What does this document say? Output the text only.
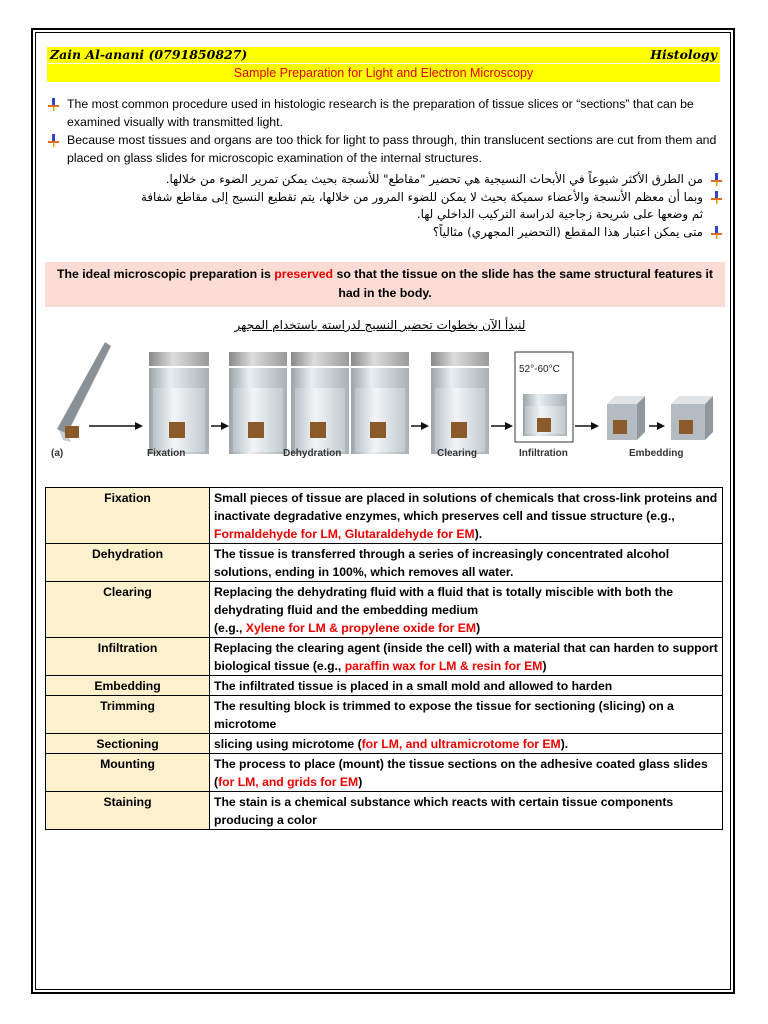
Zain Al-anani (0791850827)	Histology
Sample Preparation for Light and Electron Microscopy

The most common procedure used in histologic research is the preparation of tissue slices or “sections” that can be examined visually with transmitted light.

Because most tissues and organs are too thick for light to pass through, thin translucent sections are cut from them and placed on glass slides for microscopic examination of the internal structures.

من الطرق الأكثر شيوعاً في الأبحاث النسيجية هي تحضير "مقاطع" للأنسجة بحيث يمكن تمرير الضوء من خلالها.

وبما أن معظم الأنسجة والأعضاء سميكة بحيث لا يمكن للضوء المرور من خلالها، يتم تقطيع النسيج إلى مقاطع شفافة

ثم وضعها على شريحة زجاجية لدراسة التركيب الداخلي لها.

متى يمكن اعتبار هذا المقطع (التحضير المجهري) مثالياً؟

The ideal microscopic preparation is preserved so that the tissue on the slide has the same structural features it had in the body.
لنبدأ الآن بخطوات تحضير النسيج لدراسته باستخدام المجهر
52°-60°C
(a)	Fixation	Dehydration	Clearing	Infiltration	Embedding
Fixation	Small pieces of tissue are placed in solutions of chemicals that cross-link proteins and inactivate degradative enzymes, which preserves cell and tissue structure (e.g., Formaldehyde for LM, Glutaraldehyde for EM).
Dehydration	The tissue is transferred through a series of increasingly concentrated alcohol solutions, ending in 100%, which removes all water.
Clearing	Replacing the dehydrating fluid with a fluid that is totally miscible with both the dehydrating fluid and the embedding medium
(e.g., Xylene for LM & propylene oxide for EM)
Infiltration	Replacing the clearing agent (inside the cell) with a material that can harden to support biological tissue (e.g., paraffin wax for LM & resin for EM)
Embedding	The infiltrated tissue is placed in a small mold and allowed to harden
Trimming	The resulting block is trimmed to expose the tissue for sectioning (slicing) on a microtome
Sectioning	slicing using microtome (for LM, and ultramicrotome for EM).
Mounting	The process to place (mount) the tissue sections on the adhesive coated glass slides (for LM, and grids for EM)
Staining	The stain is a chemical substance which reacts with certain tissue components producing a color
